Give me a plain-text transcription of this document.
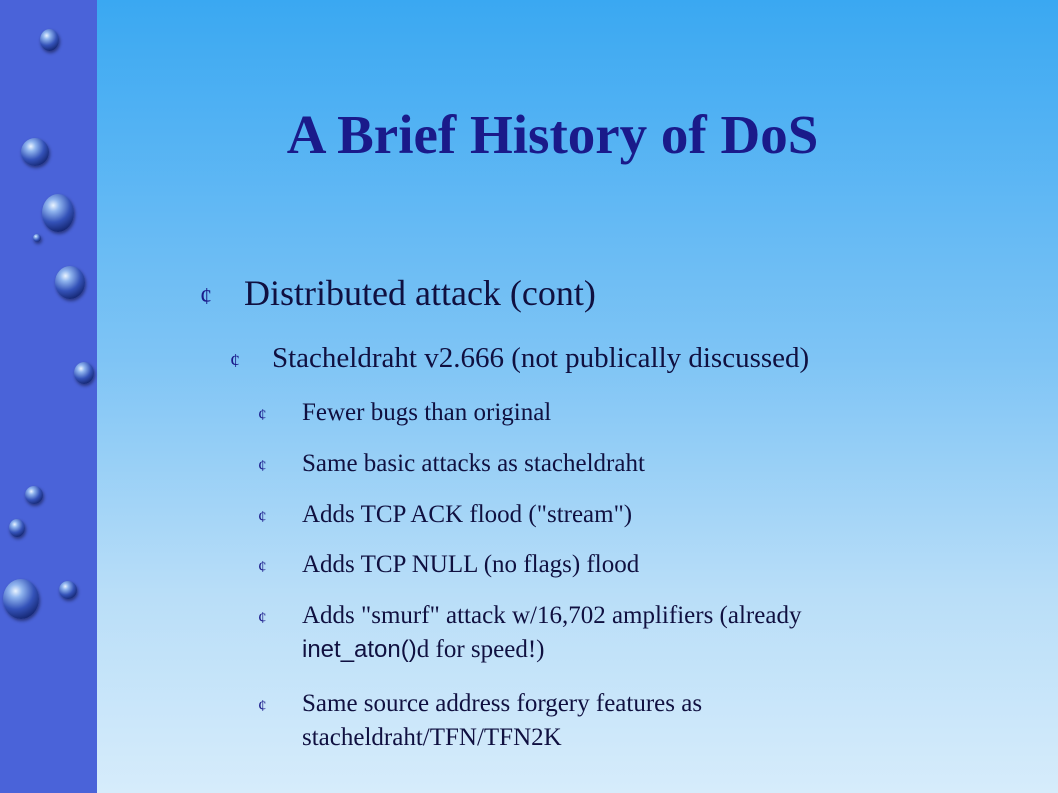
A Brief History of DoS
¢ Distributed attack (cont)
¢ Stacheldraht v2.666 (not publically discussed)
¢ Fewer bugs than original
¢ Same basic attacks as stacheldraht
¢ Adds TCP ACK flood ("stream")
¢ Adds TCP NULL (no flags) flood
¢ Adds "smurf" attack w/16,702 amplifiers (already
inet_aton()d for speed!)
¢ Same source address forgery features as stacheldraht/TFN/TFN2K
